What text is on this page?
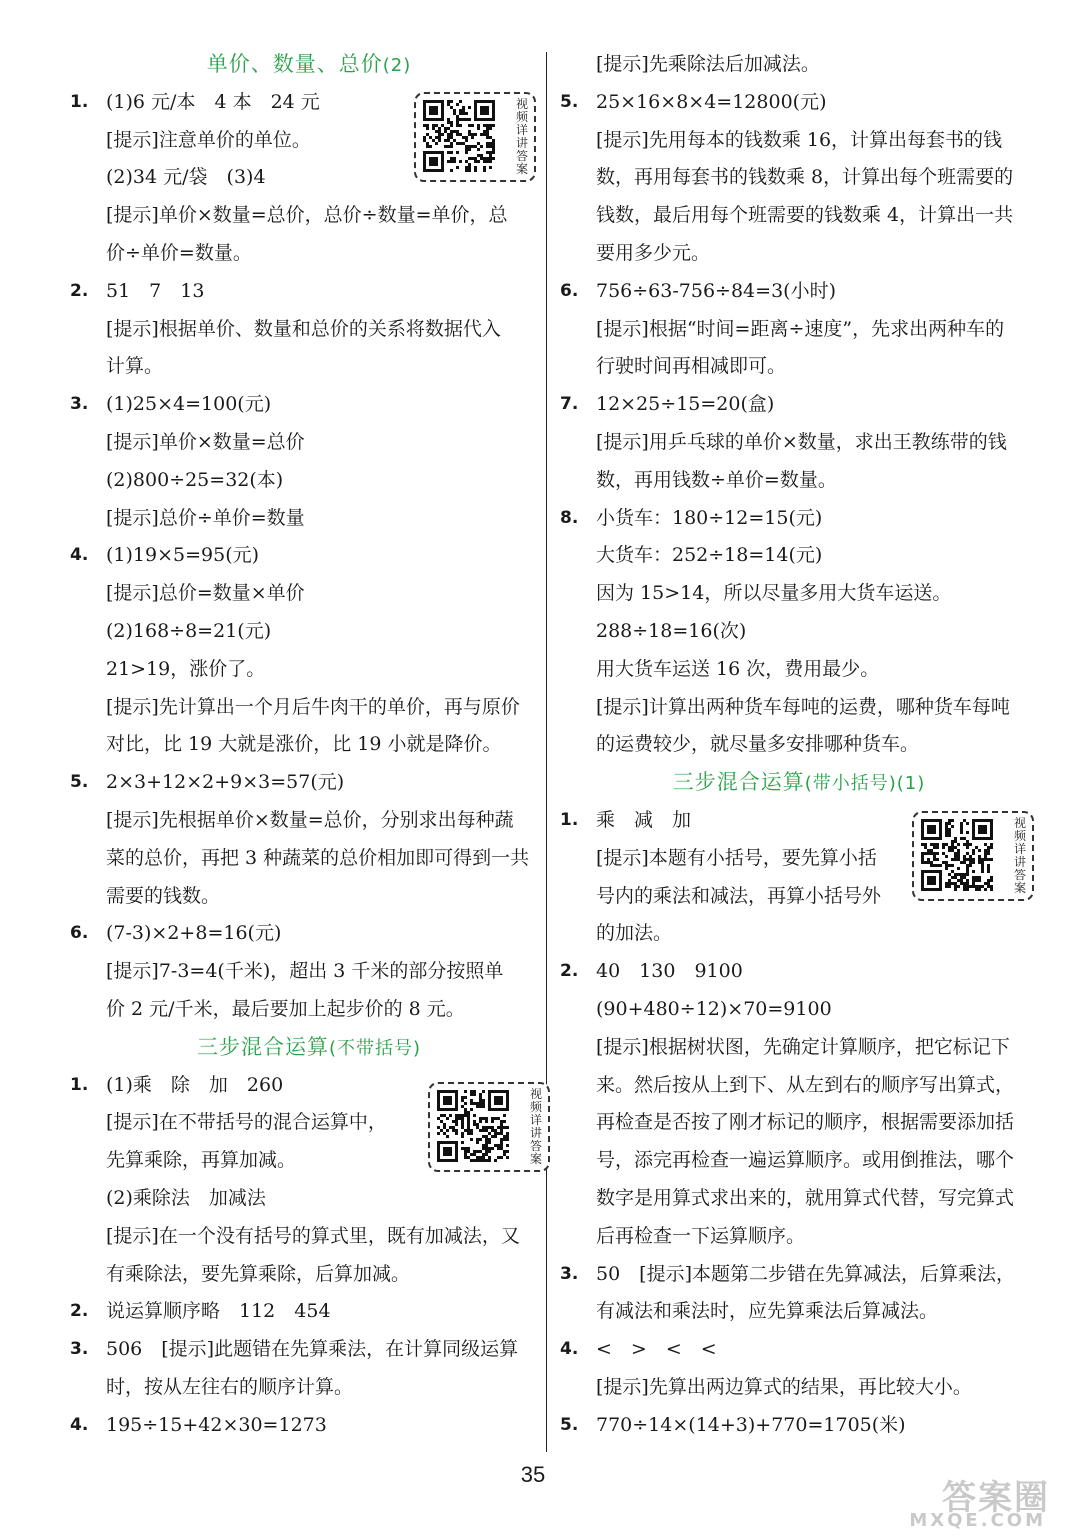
单价、数量、总价(2)
1. (1)6 元/本　4 本　24 元
[提示]注意单价的单位。
(2)34 元/袋　(3)4
[提示]单价×数量=总价，总价÷数量=单价，总
价÷单价=数量。
2. 51　7　13
[提示]根据单价、数量和总价的关系将数据代入
计算。
3. (1)25×4=100(元)
[提示]单价×数量=总价
(2)800÷25=32(本)
[提示]总价÷单价=数量
4. (1)19×5=95(元)
[提示]总价=数量×单价
(2)168÷8=21(元)
21>19，涨价了。
[提示]先计算出一个月后牛肉干的单价，再与原价
对比，比 19 大就是涨价，比 19 小就是降价。
5. 2×3+12×2+9×3=57(元)
[提示]先根据单价×数量=总价，分别求出每种蔬
菜的总价，再把 3 种蔬菜的总价相加即可得到一共
需要的钱数。
6. (7-3)×2+8=16(元)
[提示]7-3=4(千米)，超出 3 千米的部分按照单
价 2 元/千米，最后要加上起步价的 8 元。
三步混合运算(不带括号)
1. (1)乘　除　加　260
[提示]在不带括号的混合运算中，
先算乘除，再算加减。
(2)乘除法　加减法
[提示]在一个没有括号的算式里，既有加减法，又
有乘除法，要先算乘除，后算加减。
2. 说运算顺序略　112　454
3. 506　[提示]此题错在先算乘法，在计算同级运算
时，按从左往右的顺序计算。
4. 195÷15+42×30=1273
[提示]先乘除法后加减法。
5. 25×16×8×4=12800(元)
[提示]先用每本的钱数乘 16，计算出每套书的钱
数，再用每套书的钱数乘 8，计算出每个班需要的
钱数，最后用每个班需要的钱数乘 4，计算出一共
要用多少元。
6. 756÷63-756÷84=3(小时)
[提示]根据“时间=距离÷速度”，先求出两种车的
行驶时间再相减即可。
7. 12×25÷15=20(盒)
[提示]用乒乓球的单价×数量，求出王教练带的钱
数，再用钱数÷单价=数量。
8. 小货车：180÷12=15(元)
大货车：252÷18=14(元)
因为 15>14，所以尽量多用大货车运送。
288÷18=16(次)
用大货车运送 16 次，费用最少。
[提示]计算出两种货车每吨的运费，哪种货车每吨
的运费较少，就尽量多安排哪种货车。
三步混合运算(带小括号)(1)
1. 乘　减　加
[提示]本题有小括号，要先算小括
号内的乘法和减法，再算小括号外
的加法。
2. 40　130　9100
(90+480÷12)×70=9100
[提示]根据树状图，先确定计算顺序，把它标记下
来。然后按从上到下、从左到右的顺序写出算式，
再检查是否按了刚才标记的顺序，根据需要添加括
号，添完再检查一遍运算顺序。或用倒推法，哪个
数字是用算式求出来的，就用算式代替，写完算式
后再检查一下运算顺序。
3. 50　[提示]本题第二步错在先算减法，后算乘法，
有减法和乘法时，应先算乘法后算减法。
4. <　>　<　<
[提示]先算出两边算式的结果，再比较大小。
5. 770÷14×(14+3)+770=1705(米)
视频详讲答案
视频详讲答案
视频详讲答案
35
答案圈
MXQE.COM
